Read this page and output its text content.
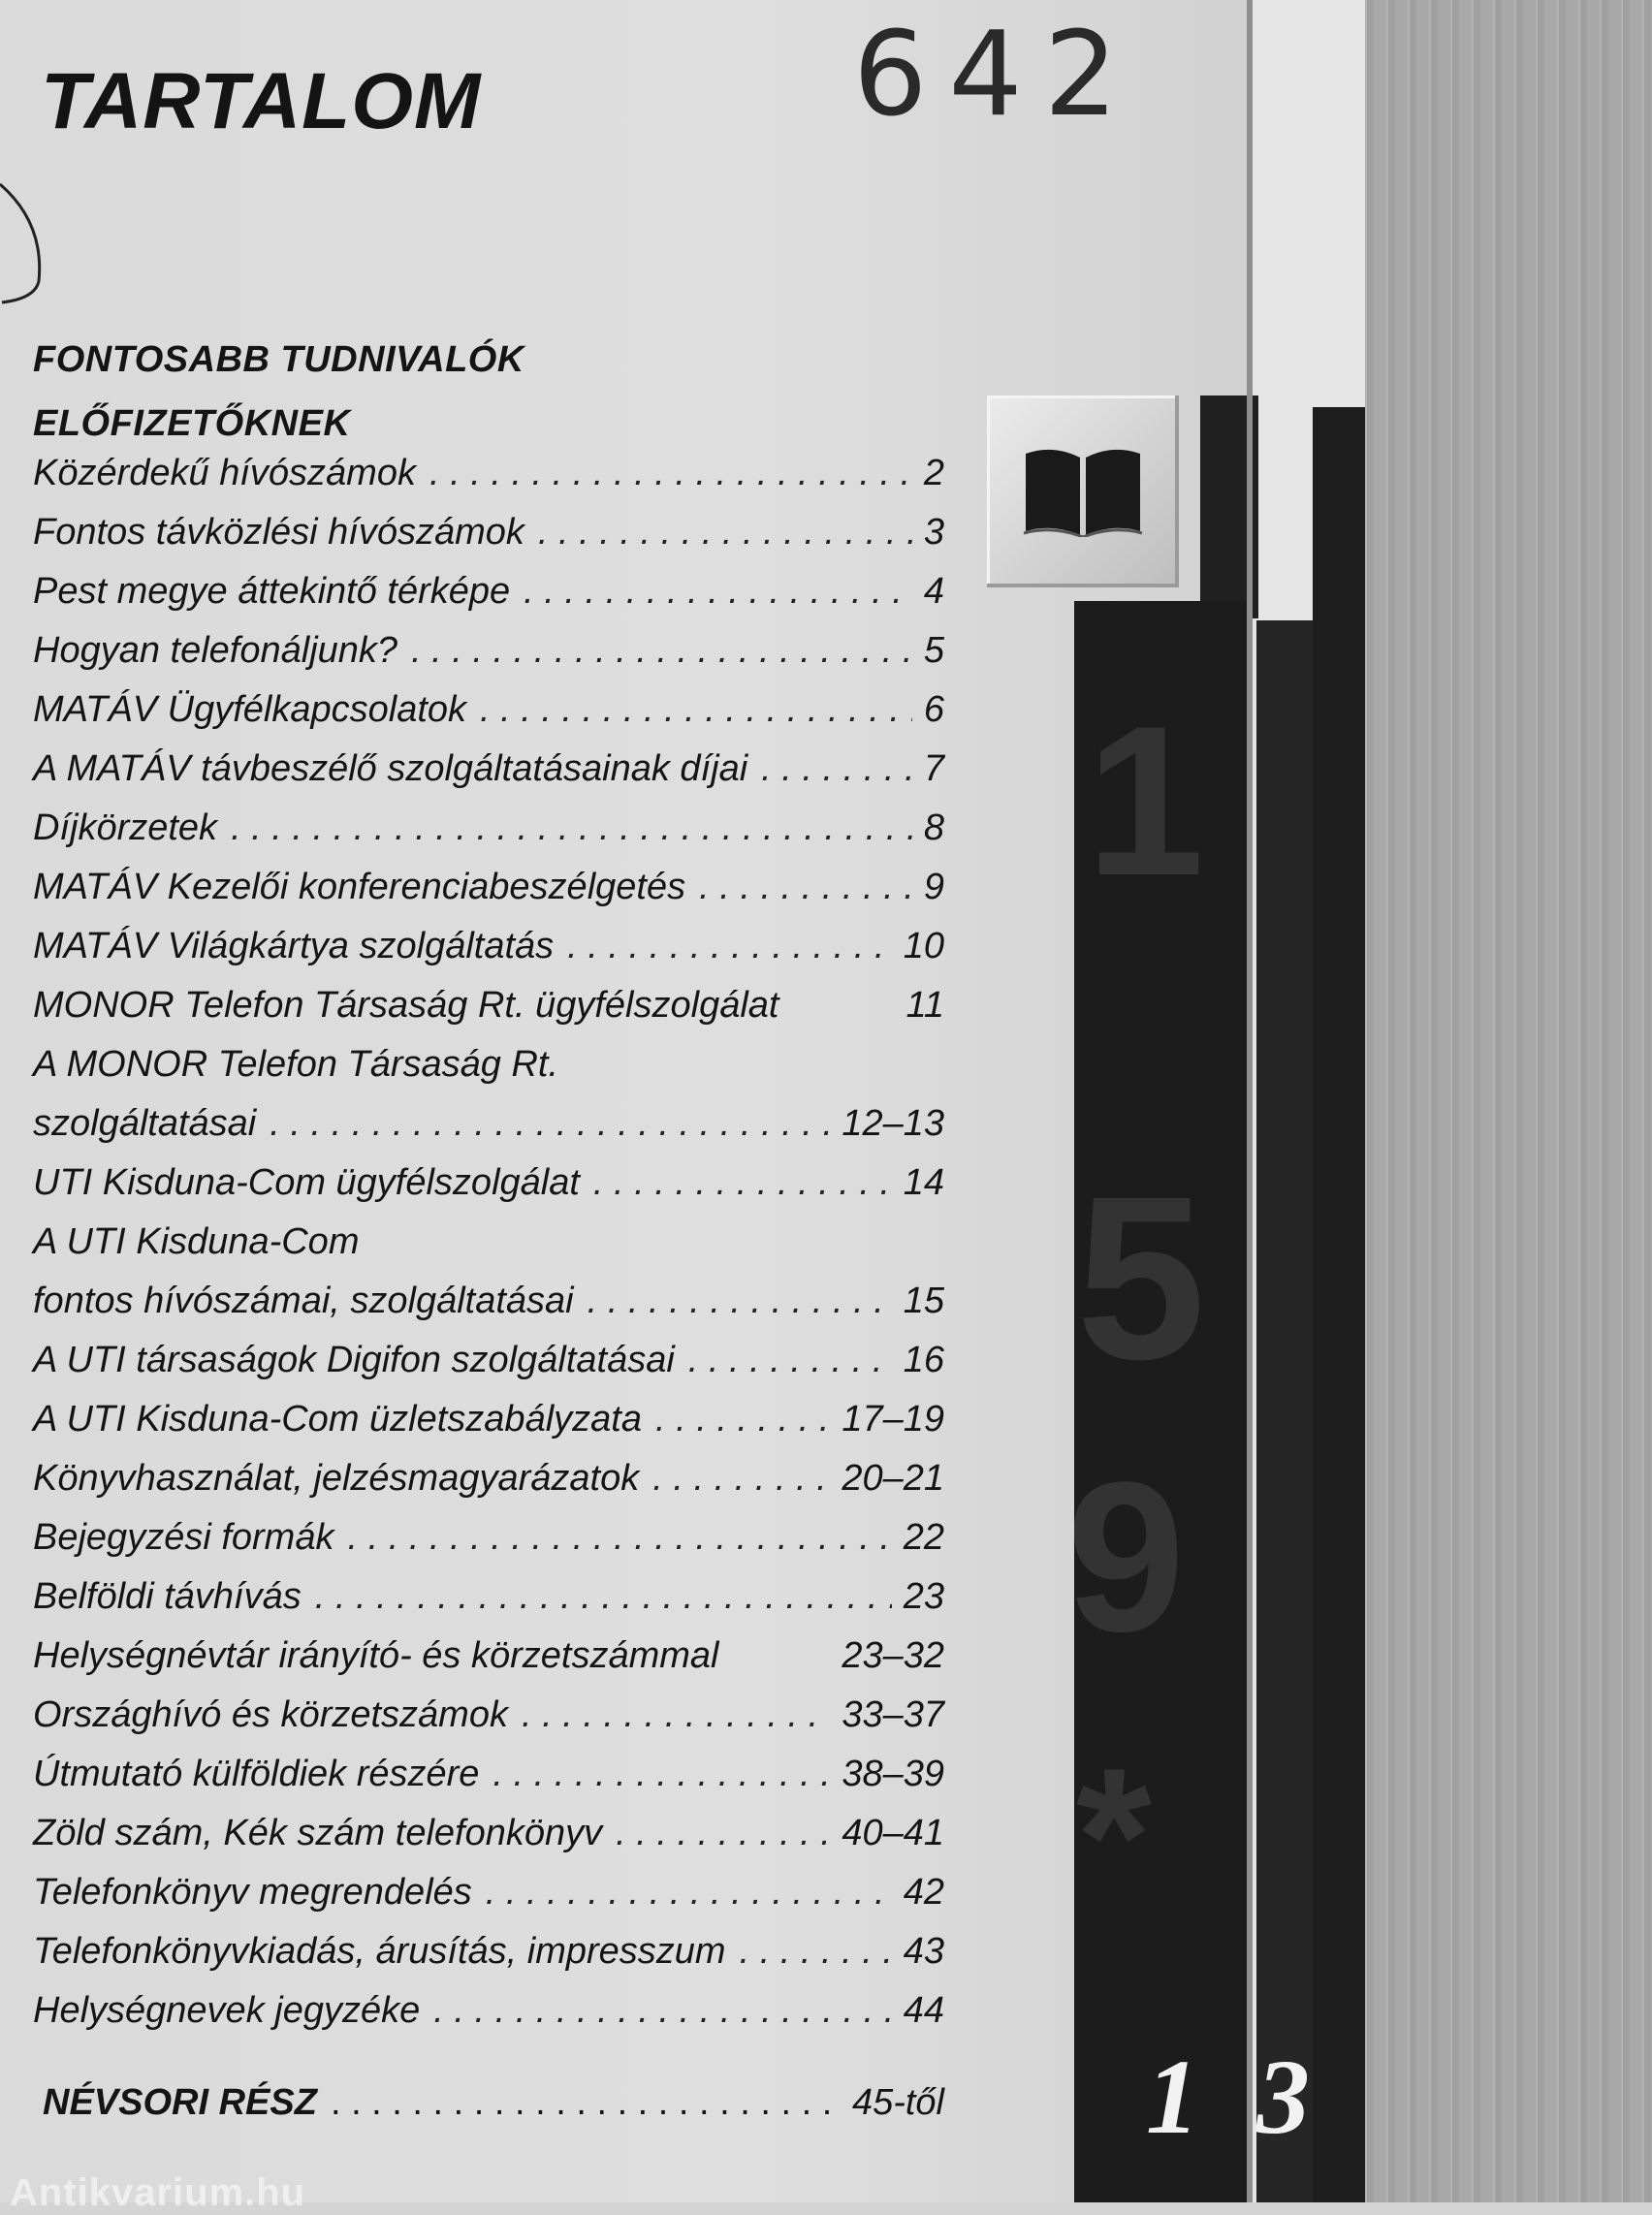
1
5
9
*
1 3
TARTALOM	642
FONTOSABB TUDNIVALÓK
ELŐFIZETŐKNEK
Közérdekű hívószámok . . .	2
Fontos távközlési hívószámok . . .	3
Pest megye áttekintő térképe . . .	4
Hogyan telefonáljunk? . . .	5
MATÁV Ügyfélkapcsolatok . . .	6
A MATÁV távbeszélő szolgáltatásainak díjai . . .	7
Díjkörzetek . . .	8
MATÁV Kezelői konferenciabeszélgetés . . .	9
MATÁV Világkártya szolgáltatás . . .	10
MONOR Telefon Társaság Rt. ügyfélszolgálat	11
A MONOR Telefon Társaság Rt.
szolgáltatásai . . .	12–13
UTI Kisduna-Com ügyfélszolgálat . . .	14
A UTI Kisduna-Com
fontos hívószámai, szolgáltatásai . . .	15
A UTI társaságok Digifon szolgáltatásai . . .	16
A UTI Kisduna-Com üzletszabályzata . . .	17–19
Könyvhasználat, jelzésmagyarázatok . . .	20–21
Bejegyzési formák . . .	22
Belföldi távhívás . . .	23
Helységnévtár irányító- és körzetszámmal	23–32
Országhívó és körzetszámok . . .	33–37
Útmutató külföldiek részére . . .	38–39
Zöld szám, Kék szám telefonkönyv . . .	40–41
Telefonkönyv megrendelés . . .	42
Telefonkönyvkiadás, árusítás, impresszum . . .	43
Helységnevek jegyzéke . . .	44
NÉVSORI RÉSZ . . .	45-től
Antikvarium.hu
